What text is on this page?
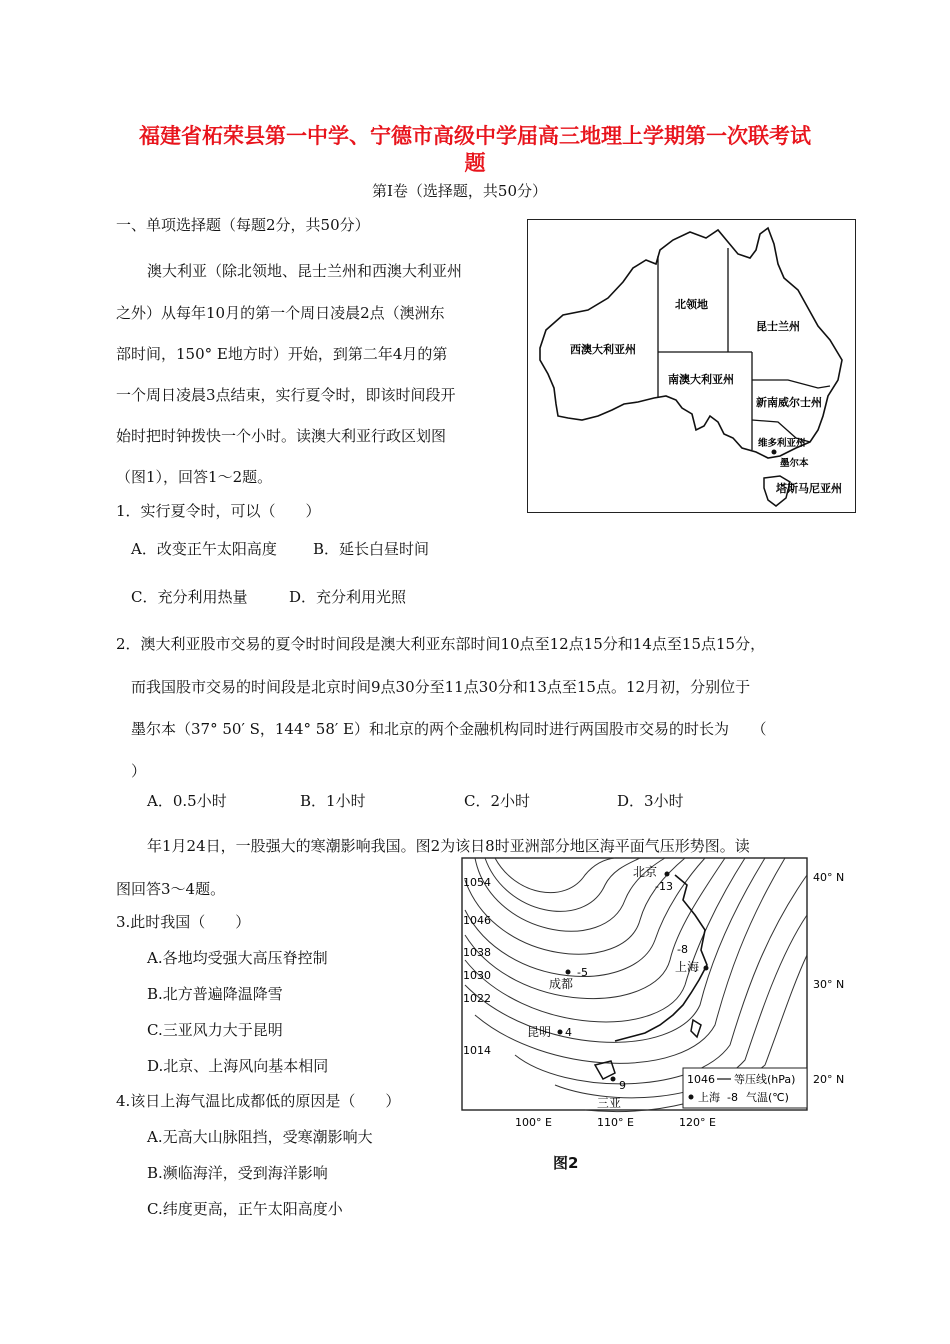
福建省柘荣县第一中学、宁德市高级中学届高三地理上学期第一次联考试
题
第Ⅰ卷（选择题，共50分）
一、单项选择题（每题2分，共50分）
澳大利亚（除北领地、昆士兰州和西澳大利亚州
之外）从每年10月的第一个周日凌晨2点（澳洲东
部时间，150° E地方时）开始，到第二年4月的第
一个周日凌晨3点结束，实行夏令时，即该时间段开
始时把时钟拨快一个小时。读澳大利亚行政区划图
（图1），回答1～2题。
北领地
昆士兰州
西澳大利亚州
南澳大利亚州
新南威尔士州
维多利亚州
墨尔本
塔斯马尼亚州
1．实行夏令时，可以（　　）
A．改变正午太阳高度 B．延长白昼时间
C．充分利用热量	D．充分利用光照
2．澳大利亚股市交易的夏令时时间段是澳大利亚东部时间10点至12点15分和14点至15点15分，
而我国股市交易的时间段是北京时间9点30分至11点30分和13点至15点。12月初，分别位于
墨尔本（37° 50′ S，144° 58′ E）和北京的两个金融机构同时进行两国股市交易的时长为　　（
）
A．0.5小时	B．1小时	C．2小时	D．3小时
年1月24日，一股强大的寒潮影响我国。图2为该日8时亚洲部分地区海平面气压形势图。读
图回答3～4题。
3.此时我国（　　）
A.各地均受强大高压脊控制
B.北方普遍降温降雪
C.三亚风力大于昆明
D.北京、上海风向基本相同
4.该日上海气温比成都低的原因是（　　）
A.无高大山脉阻挡，受寒潮影响大
B.濒临海洋，受到海洋影响
C.纬度更高，正午太阳高度小
1054
1046
1038
1030
1022
1014
北京
-13
-8
上海
-5
成都
昆明 4
9
三亚
1046 等压线(hPa)
上海 -8 气温(℃)
40° N
30° N
20° N
100° E	110° E	120° E
图2
